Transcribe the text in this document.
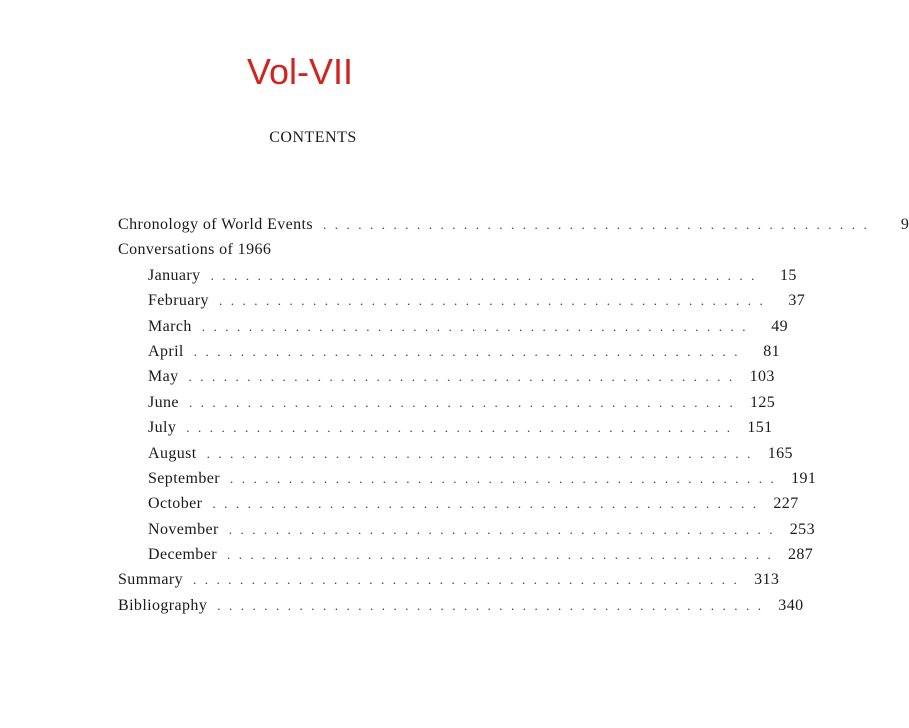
Vol-VII
CONTENTS
Chronology of World Events ...............................................	9
Conversations of 1966
January ...............................................	15
February ...............................................	37
March ...............................................	49
April ...............................................	81
May ............................................... 103
June ............................................... 125
July ............................................... 151
August ............................................... 165
September ............................................... 191
October ............................................... 227
November ............................................... 253
December ............................................... 287
Summary ............................................... 313
Bibliography ............................................... 340
